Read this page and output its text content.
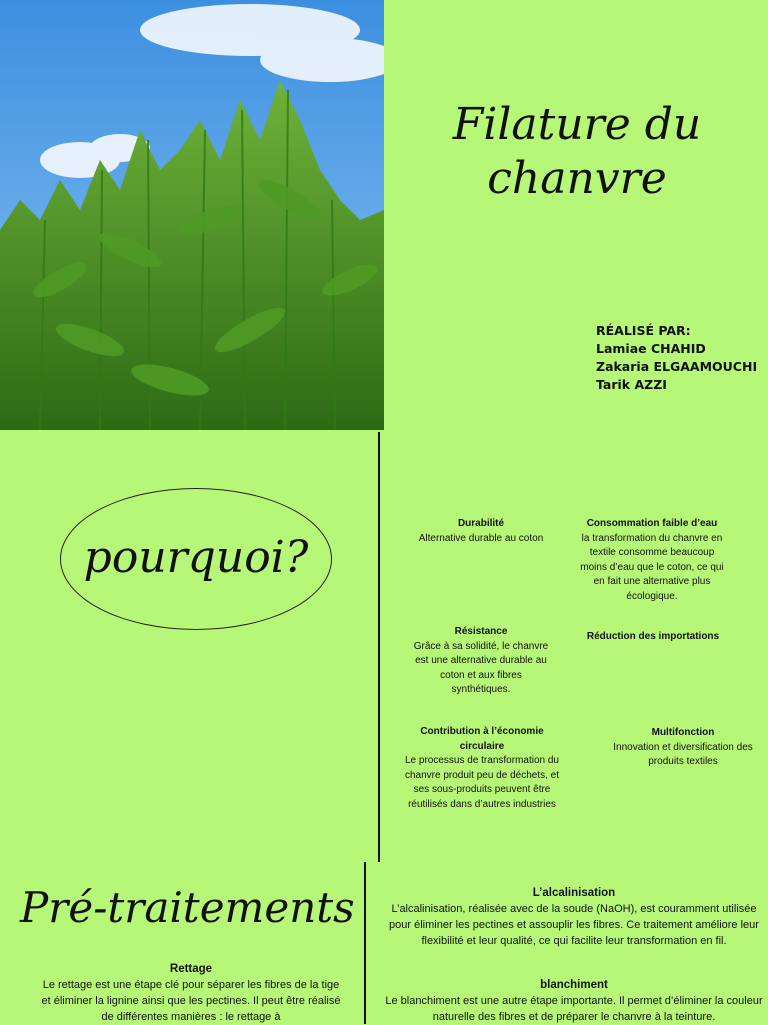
Filature du
chanvre
RÉALISÉ PAR:
Lamiae CHAHID
Zakaria ELGAAMOUCHI
Tarik AZZI
pourquoi?
Durabilité
Alternative durable au coton
Consommation faible d’eau
la transformation du chanvre en textile consomme beaucoup moins d’eau que le coton, ce qui en fait une alternative plus écologique.
Résistance
Grâce à sa solidité, le chanvre est une alternative durable au coton et aux fibres synthétiques.
Réduction des importations
Contribution à l’économie circulaire
Le processus de transformation du chanvre produit peu de déchets, et ses sous-produits peuvent être réutilisés dans d’autres industries
Multifonction
Innovation et diversification des produits textiles
Pré-traitements
Rettage
Le rettage est une étape clé pour séparer les fibres de la tige et éliminer la lignine ainsi que les pectines. Il peut être réalisé de différentes manières : le rettage à
L’alcalinisation
L’alcalinisation, réalisée avec de la soude (NaOH), est couramment utilisée pour éliminer les pectines et assouplir les fibres. Ce traitement améliore leur flexibilité et leur qualité, ce qui facilite leur transformation en fil.
blanchiment
Le blanchiment est une autre étape importante. Il permet d’éliminer la couleur naturelle des fibres et de préparer le chanvre à la teinture.
